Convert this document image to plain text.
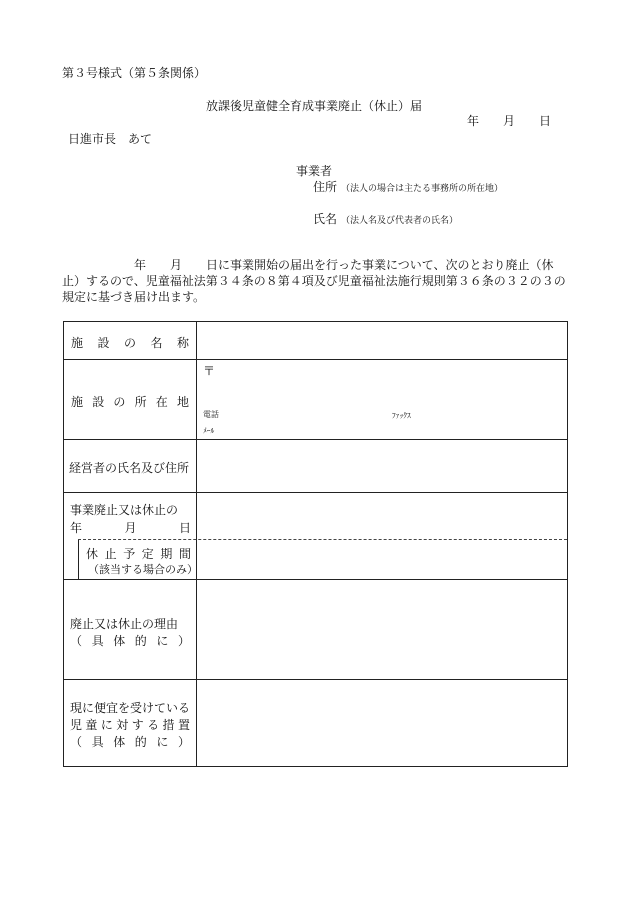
第３号様式（第５条関係）
放課後児童健全育成事業廃止（休止）届
年 月 日
日進市長　あて
事業者
住所 （法人の場合は主たる事務所の所在地）
氏名 （法人名及び代表者の氏名）
　　　　　　年　　月　　日に事業開始の届出を行った事業について、次のとおり廃止（休止）するので、児童福祉法第３４条の８第４項及び児童福祉法施行規則第３６条の３２の３の規定に基づき届け出ます。
施 設 の 名 称
施 設 の 所 在 地
〒
電話	ﾌｧｯｸｽ
ﾒｰﾙ
経営者の氏名及び住所
事業廃止又は休止の
年	月	日
休 止 予 定 期 間
（該当する場合のみ）
廃止又は休止の理由
（ 具 体 的 に ）
現に便宜を受けている
児 童 に 対 す る 措 置
（ 具 体 的 に ）
